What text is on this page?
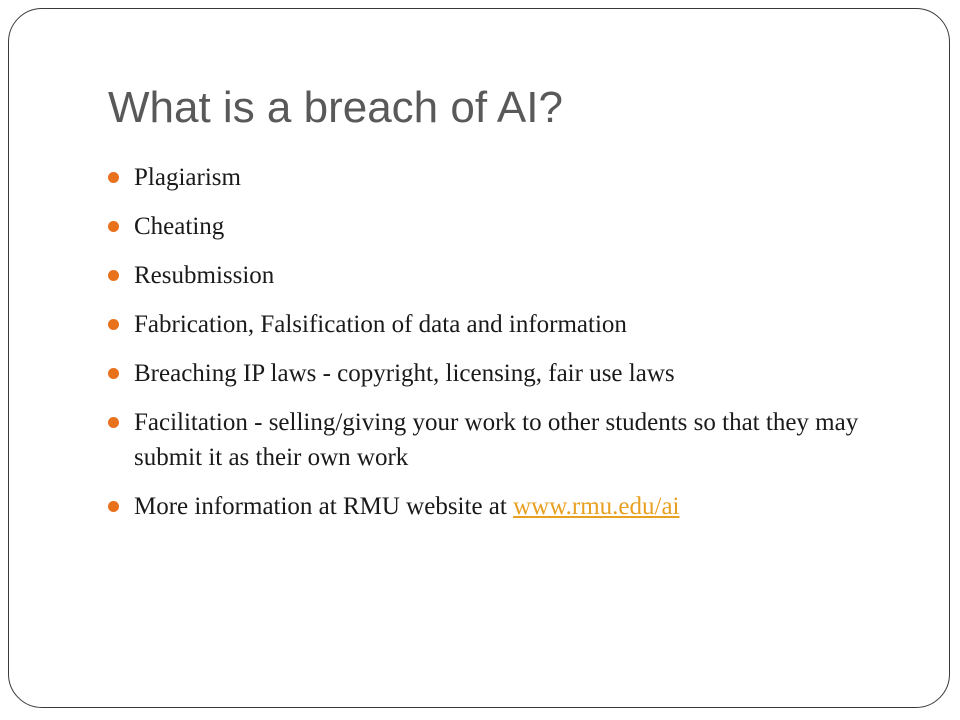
What is a breach of AI?
Plagiarism
Cheating
Resubmission
Fabrication, Falsification of data and information
Breaching IP laws - copyright, licensing, fair use laws
Facilitation - selling/giving your work to other students so that they may submit it as their own work
More information at RMU website at www.rmu.edu/ai
